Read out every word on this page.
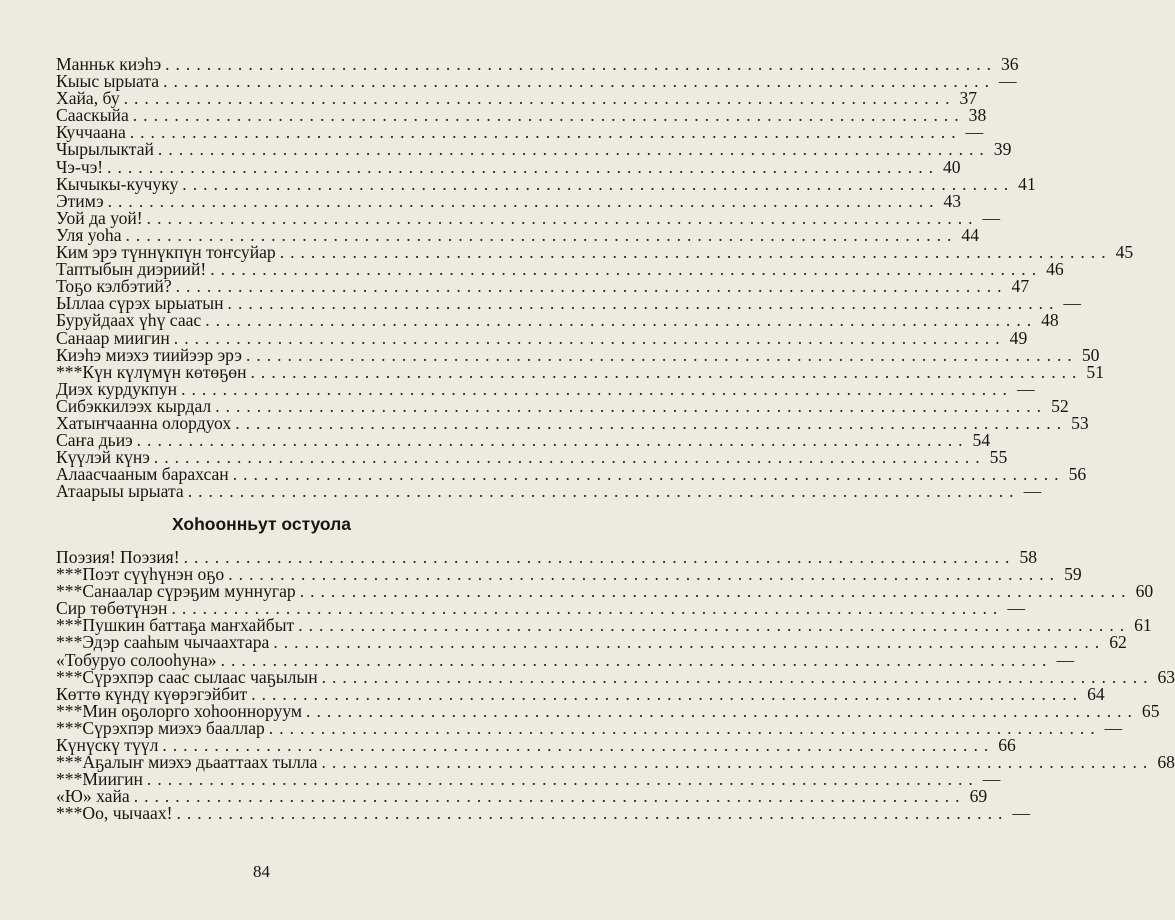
Манньк киэһэ ................................................................................ 36
Кыыс ырыата ................................................................................ —
Хайа, бу ................................................................................ 37
Сааскыйа ................................................................................ 38
Куччаана ................................................................................ —
Чырылыктай ................................................................................ 39
Чэ-чэ! ................................................................................ 40
Кычыкы-кучуку ................................................................................ 41
Этимэ ................................................................................ 43
Уой да уой! ................................................................................ —
Уля уоһа ................................................................................ 44
Ким эрэ түннүкпүн тоҥсуйар ................................................................................ 45
Таптыбын диэриий! ................................................................................ 46
Тоҕо кэлбэтий? ................................................................................ 47
Ыллаа сүрэх ырыатын ................................................................................ —
Буруйдаах үһү саас ................................................................................ 48
Санаар миигин ................................................................................ 49
Киэһэ миэхэ тиийээр эрэ ................................................................................ 50
***Күн күлүмүн көтөҕөн ................................................................................ 51
Диэх курдукпун ................................................................................ —
Сибэккилээх кырдал ................................................................................ 52
Хатыҥчаанна олордуох ................................................................................ 53
Саҥа дьиэ ................................................................................ 54
Күүлэй күнэ ................................................................................ 55
Алаасчааным барахсан ................................................................................ 56
Атаарыы ырыата ................................................................................ —
Хоһоонньут остуола
Поэзия! Поэзия! ................................................................................ 58
***Поэт сүүһүнэн оҕо ................................................................................ 59
***Санаалар сүрэҕим муннугар ................................................................................ 60
Сир төбөтүнэн ................................................................................ —
***Пушкин баттаҕа маҥхайбыт ................................................................................ 61
***Эдэр сааһым чычаахтара ................................................................................ 62
«Тобуруо солооһуна» ................................................................................ —
***Сүрэхпэр саас сылаас чаҕылын ................................................................................ 63
Көттө күндү күөрэгэйбит ................................................................................ 64
***Мин оҕолорго хоһоонноруум ................................................................................ 65
***Сүрэхпэр миэхэ бааллар ................................................................................ —
Күнүскү түүл ................................................................................ 66
***Аҕалыҥ миэхэ дьааттаах тылла ................................................................................ 68
***Миигин ................................................................................ —
«Ю» хайа ................................................................................ 69
***Оо, чычаах! ................................................................................ —
84
